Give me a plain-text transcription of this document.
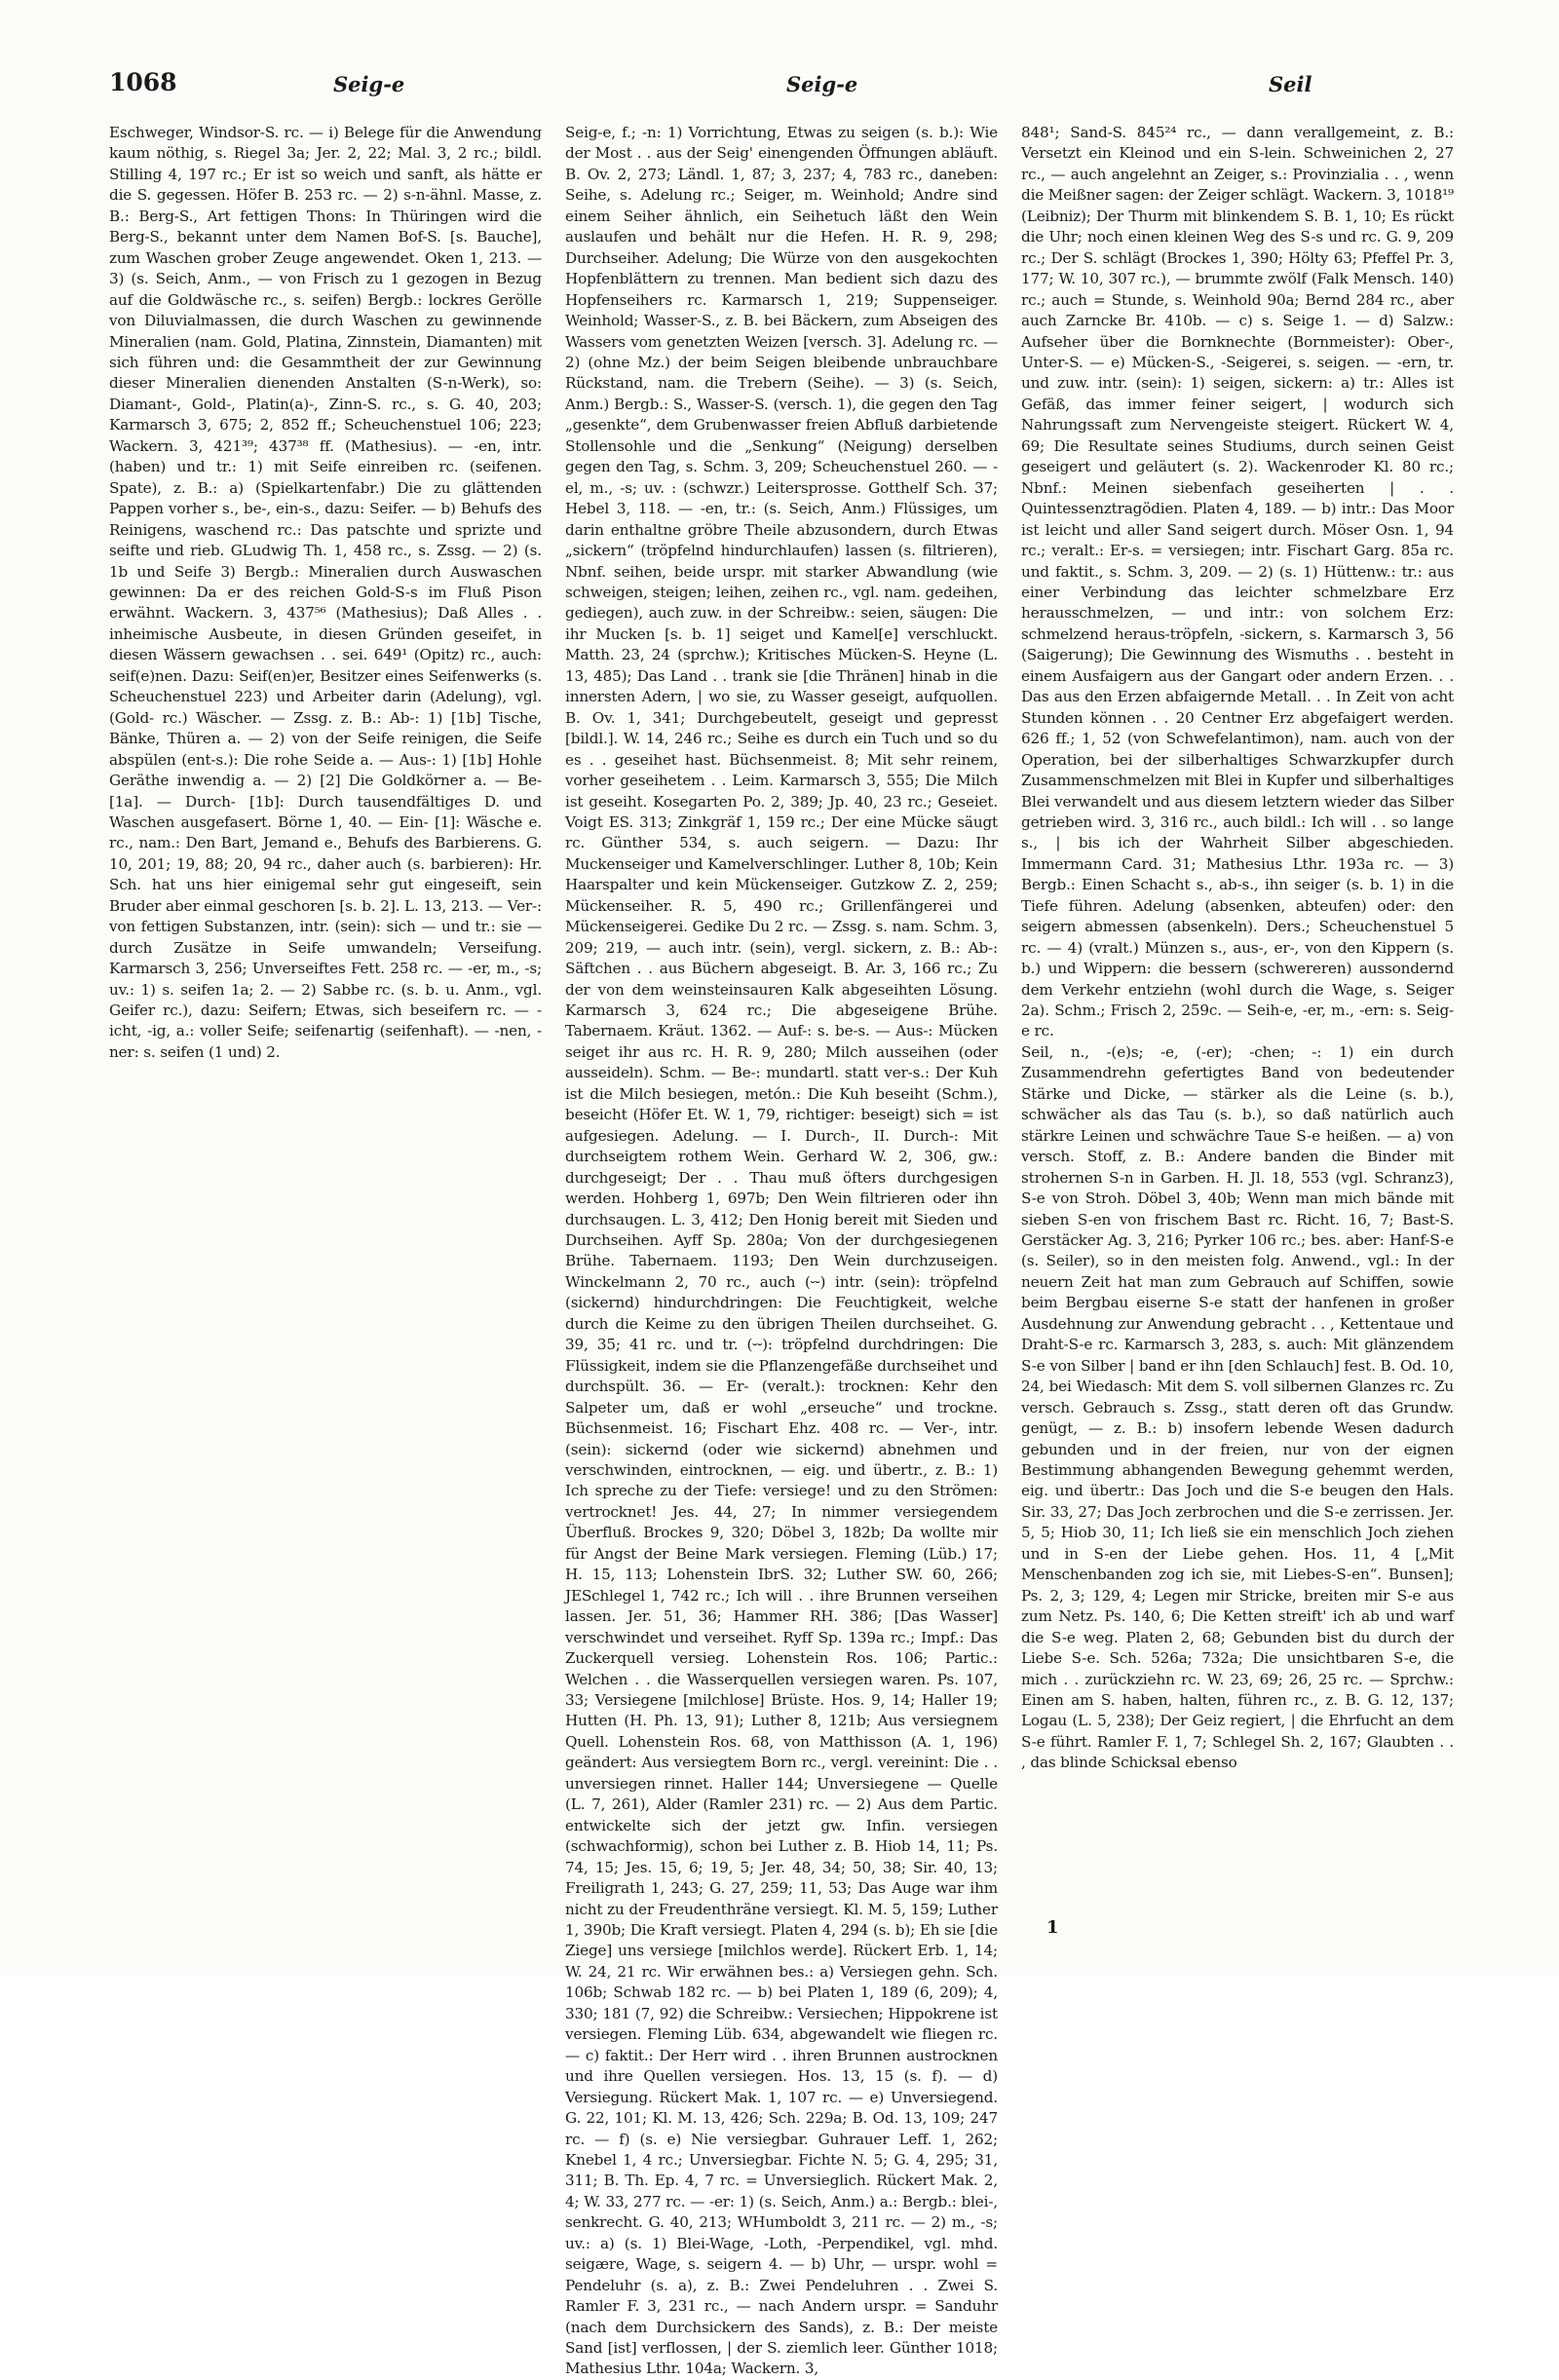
1068	Seig-e	Seig-e	Seil

Eschweger, Windsor-S. rc. — i) Belege für die Anwendung kaum nöthig, s. Riegel 3a; Jer. 2, 22; Mal. 3, 2 rc.; bildl. Stilling 4, 197 rc.; Er ist so weich und sanft, als hätte er die S. gegessen. Höfer B. 253 rc. — 2) s-n-ähnl. Masse, z. B.: Berg-S., Art fettigen Thons: In Thüringen wird die Berg-S., bekannt unter dem Namen Bof-S. [s. Bauche], zum Waschen grober Zeuge angewendet. Oken 1, 213. — 3) (s. Seich, Anm., — von Frisch zu 1 gezogen in Bezug auf die Goldwäsche rc., s. seifen) Bergb.: lockres Gerölle von Diluvialmassen, die durch Waschen zu gewinnende Mineralien (nam. Gold, Platina, Zinnstein, Diamanten) mit sich führen und: die Gesammtheit der zur Gewinnung dieser Mineralien dienenden Anstalten (S-n-Werk), so: Diamant-, Gold-, Platin(a)-, Zinn-S. rc., s. G. 40, 203; Karmarsch 3, 675; 2, 852 ff.; Scheuchenstuel 106; 223; Wackern. 3, 421³⁹; 437³⁸ ff. (Mathesius). — -en, intr. (haben) und tr.: 1) mit Seife einreiben rc. (seifenen. Spate), z. B.: a) (Spielkartenfabr.) Die zu glättenden Pappen vorher s., be-, ein-s., dazu: Seifer. — b) Behufs des Reinigens, waschend rc.: Das patschte und sprizte und seifte und rieb. GLudwig Th. 1, 458 rc., s. Zssg. — 2) (s. 1b und Seife 3) Bergb.: Mineralien durch Auswaschen gewinnen: Da er des reichen Gold-S-s im Fluß Pison erwähnt. Wackern. 3, 437⁵⁶ (Mathesius); Daß Alles . . inheimische Ausbeute, in diesen Gründen geseifet, in diesen Wässern gewachsen . . sei. 649¹ (Opitz) rc., auch: seif(e)nen. Dazu: Seif(en)er, Besitzer eines Seifenwerks (s. Scheuchenstuel 223) und Arbeiter darin (Adelung), vgl. (Gold- rc.) Wäscher. — Zssg. z. B.: Ab-: 1) [1b] Tische, Bänke, Thüren a. — 2) von der Seife reinigen, die Seife abspülen (ent-s.): Die rohe Seide a. — Aus-: 1) [1b] Hohle Geräthe inwendig a. — 2) [2] Die Goldkörner a. — Be- [1a]. — Durch- [1b]: Durch tausendfältiges D. und Waschen ausgefasert. Börne 1, 40. — Ein- [1]: Wäsche e. rc., nam.: Den Bart, Jemand e., Behufs des Barbierens. G. 10, 201; 19, 88; 20, 94 rc., daher auch (s. barbieren): Hr. Sch. hat uns hier einigemal sehr gut eingeseift, sein Bruder aber einmal geschoren [s. b. 2]. L. 13, 213. — Ver-: von fettigen Substanzen, intr. (sein): sich — und tr.: sie — durch Zusätze in Seife umwandeln; Verseifung. Karmarsch 3, 256; Unverseiftes Fett. 258 rc. — -er, m., -s; uv.: 1) s. seifen 1a; 2. — 2) Sabbe rc. (s. b. u. Anm., vgl. Geifer rc.), dazu: Seifern; Etwas, sich beseifern rc. — -icht, -ig, a.: voller Seife; seifenartig (seifenhaft). — -nen, -ner: s. seifen (1 und) 2.

Seig-e, f.; -n: 1) Vorrichtung, Etwas zu seigen (s. b.): Wie der Most . . aus der Seig' einengenden Öffnungen abläuft. B. Ov. 2, 273; Ländl. 1, 87; 3, 237; 4, 783 rc., daneben: Seihe, s. Adelung rc.; Seiger, m. Weinhold; Andre sind einem Seiher ähnlich, ein Seihetuch läßt den Wein auslaufen und behält nur die Hefen. H. R. 9, 298; Durchseiher. Adelung; Die Würze von den ausgekochten Hopfenblättern zu trennen. Man bedient sich dazu des Hopfenseihers rc. Karmarsch 1, 219; Suppenseiger. Weinhold; Wasser-S., z. B. bei Bäckern, zum Abseigen des Wassers vom genetzten Weizen [versch. 3]. Adelung rc. — 2) (ohne Mz.) der beim Seigen bleibende unbrauchbare Rückstand, nam. die Trebern (Seihe). — 3) (s. Seich, Anm.) Bergb.: S., Wasser-S. (versch. 1), die gegen den Tag „gesenkte“, dem Grubenwasser freien Abfluß darbietende Stollensohle und die „Senkung“ (Neigung) derselben gegen den Tag, s. Schm. 3, 209; Scheuchenstuel 260. — -el, m., -s; uv. : (schwzr.) Leitersprosse. Gotthelf Sch. 37; Hebel 3, 118. — -en, tr.: (s. Seich, Anm.) Flüssiges, um darin enthaltne gröbre Theile abzusondern, durch Etwas „sickern“ (tröpfelnd hindurchlaufen) lassen (s. filtrieren), Nbnf. seihen, beide urspr. mit starker Abwandlung (wie schweigen, steigen; leihen, zeihen rc., vgl. nam. gedeihen, gediegen), auch zuw. in der Schreibw.: seien, säugen: Die ihr Mucken [s. b. 1] seiget und Kamel[e] verschluckt. Matth. 23, 24 (sprchw.); Kritisches Mücken-S. Heyne (L. 13, 485); Das Land . . trank sie [die Thränen] hinab in die innersten Adern, | wo sie, zu Wasser geseigt, aufquollen. B. Ov. 1, 341; Durchgebeutelt, geseigt und gepresst [bildl.]. W. 14, 246 rc.; Seihe es durch ein Tuch und so du es . . geseihet hast. Büchsenmeist. 8; Mit sehr reinem, vorher geseihetem . . Leim. Karmarsch 3, 555; Die Milch ist geseiht. Kosegarten Po. 2, 389; Jp. 40, 23 rc.; Geseiet. Voigt ES. 313; Zinkgräf 1, 159 rc.; Der eine Mücke säugt rc. Günther 534, s. auch seigern. — Dazu: Ihr Muckenseiger und Kamelverschlinger. Luther 8, 10b; Kein Haarspalter und kein Mückenseiger. Gutzkow Z. 2, 259; Mückenseiher. R. 5, 490 rc.; Grillenfängerei und Mückenseigerei. Gedike Du 2 rc. — Zssg. s. nam. Schm. 3, 209; 219, — auch intr. (sein), vergl. sickern, z. B.: Ab-: Säftchen . . aus Büchern abgeseigt. B. Ar. 3, 166 rc.; Zu der von dem weinsteinsauren Kalk abgeseihten Lösung. Karmarsch 3, 624 rc.; Die abgeseigene Brühe. Tabernaem. Kräut. 1362. — Auf-: s. be-s. — Aus-: Mücken seiget ihr aus rc. H. R. 9, 280; Milch ausseihen (oder ausseideln). Schm. — Be-: mundartl. statt ver-s.: Der Kuh ist die Milch besiegen, metón.: Die Kuh beseiht (Schm.), beseicht (Höfer Et. W. 1, 79, richtiger: beseigt) sich = ist aufgesiegen. Adelung. — I. Durch-, II. Durch-: Mit durchseigtem rothem Wein. Gerhard W. 2, 306, gw.: durchgeseigt; Der . . Thau muß öfters durchgesigen werden. Hohberg 1, 697b; Den Wein filtrieren oder ihn durchsaugen. L. 3, 412; Den Honig bereit mit Sieden und Durchseihen. Ayff Sp. 280a; Von der durchgesiegenen Brühe. Tabernaem. 1193; Den Wein durchzuseigen. Winckelmann 2, 70 rc., auch (⏑⏑) intr. (sein): tröpfelnd (sickernd) hindurchdringen: Die Feuchtigkeit, welche durch die Keime zu den übrigen Theilen durchseihet. G. 39, 35; 41 rc. und tr. (⏑⏑): tröpfelnd durchdringen: Die Flüssigkeit, indem sie die Pflanzengefäße durchseihet und durchspült. 36. — Er- (veralt.): trocknen: Kehr den Salpeter um, daß er wohl „erseuche“ und trockne. Büchsenmeist. 16; Fischart Ehz. 408 rc. — Ver-, intr. (sein): sickernd (oder wie sickernd) abnehmen und verschwinden, eintrocknen, — eig. und übertr., z. B.: 1) Ich spreche zu der Tiefe: versiege! und zu den Strömen: vertrocknet! Jes. 44, 27; In nimmer versiegendem Überfluß. Brockes 9, 320; Döbel 3, 182b; Da wollte mir für Angst der Beine Mark versiegen. Fleming (Lüb.) 17; H. 15, 113; Lohenstein IbrS. 32; Luther SW. 60, 266; JESchlegel 1, 742 rc.; Ich will . . ihre Brunnen verseihen lassen. Jer. 51, 36; Hammer RH. 386; [Das Wasser] verschwindet und verseihet. Ryff Sp. 139a rc.; Impf.: Das Zuckerquell versieg. Lohenstein Ros. 106; Partic.: Welchen . . die Wasserquellen versiegen waren. Ps. 107, 33; Versiegene [milchlose] Brüste. Hos. 9, 14; Haller 19; Hutten (H. Ph. 13, 91); Luther 8, 121b; Aus versiegnem Quell. Lohenstein Ros. 68, von Matthisson (A. 1, 196) geändert: Aus versiegtem Born rc., vergl. vereinint: Die . . unversiegen rinnet. Haller 144; Unversiegene — Quelle (L. 7, 261), Alder (Ramler 231) rc. — 2) Aus dem Partic. entwickelte sich der jetzt gw. Infin. versiegen (schwachformig), schon bei Luther z. B. Hiob 14, 11; Ps. 74, 15; Jes. 15, 6; 19, 5; Jer. 48, 34; 50, 38; Sir. 40, 13; Freiligrath 1, 243; G. 27, 259; 11, 53; Das Auge war ihm nicht zu der Freudenthräne versiegt. Kl. M. 5, 159; Luther 1, 390b; Die Kraft versiegt. Platen 4, 294 (s. b); Eh sie [die Ziege] uns versiege [milchlos werde]. Rückert Erb. 1, 14; W. 24, 21 rc. Wir erwähnen bes.: a) Versiegen gehn. Sch. 106b; Schwab 182 rc. — b) bei Platen 1, 189 (6, 209); 4, 330; 181 (7, 92) die Schreibw.: Versiechen; Hippokrene ist versiegen. Fleming Lüb. 634, abgewandelt wie fliegen rc. — c) faktit.: Der Herr wird . . ihren Brunnen austrocknen und ihre Quellen versiegen. Hos. 13, 15 (s. f). — d) Versiegung. Rückert Mak. 1, 107 rc. — e) Unversiegend. G. 22, 101; Kl. M. 13, 426; Sch. 229a; B. Od. 13, 109; 247 rc. — f) (s. e) Nie versiegbar. Guhrauer Leff. 1, 262; Knebel 1, 4 rc.; Unversiegbar. Fichte N. 5; G. 4, 295; 31, 311; B. Th. Ep. 4, 7 rc. = Unversieglich. Rückert Mak. 2, 4; W. 33, 277 rc. — -er: 1) (s. Seich, Anm.) a.: Bergb.: blei-, senkrecht. G. 40, 213; WHumboldt 3, 211 rc. — 2) m., -s; uv.: a) (s. 1) Blei-Wage, -Loth, -Perpendikel, vgl. mhd. seigære, Wage, s. seigern 4. — b) Uhr, — urspr. wohl = Pendeluhr (s. a), z. B.: Zwei Pendeluhren . . Zwei S. Ramler F. 3, 231 rc., — nach Andern urspr. = Sanduhr (nach dem Durchsickern des Sands), z. B.: Der meiste Sand [ist] verflossen, | der S. ziemlich leer. Günther 1018; Mathesius Lthr. 104a; Wackern. 3,

848¹; Sand-S. 845²⁴ rc., — dann verallgemeint, z. B.: Versetzt ein Kleinod und ein S-lein. Schweinichen 2, 27 rc., — auch angelehnt an Zeiger, s.: Provinzialia . . , wenn die Meißner sagen: der Zeiger schlägt. Wackern. 3, 1018¹⁹ (Leibniz); Der Thurm mit blinkendem S. B. 1, 10; Es rückt die Uhr; noch einen kleinen Weg des S-s und rc. G. 9, 209 rc.; Der S. schlägt (Brockes 1, 390; Hölty 63; Pfeffel Pr. 3, 177; W. 10, 307 rc.), — brummte zwölf (Falk Mensch. 140) rc.; auch = Stunde, s. Weinhold 90a; Bernd 284 rc., aber auch Zarncke Br. 410b. — c) s. Seige 1. — d) Salzw.: Aufseher über die Bornknechte (Bornmeister): Ober-, Unter-S. — e) Mücken-S., -Seigerei, s. seigen. — -ern, tr. und zuw. intr. (sein): 1) seigen, sickern: a) tr.: Alles ist Gefäß, das immer feiner seigert, | wodurch sich Nahrungssaft zum Nervengeiste steigert. Rückert W. 4, 69; Die Resultate seines Studiums, durch seinen Geist geseigert und geläutert (s. 2). Wackenroder Kl. 80 rc.; Nbnf.: Meinen siebenfach geseiherten | . . Quintessenztragödien. Platen 4, 189. — b) intr.: Das Moor ist leicht und aller Sand seigert durch. Möser Osn. 1, 94 rc.; veralt.: Er-s. = versiegen; intr. Fischart Garg. 85a rc. und faktit., s. Schm. 3, 209. — 2) (s. 1) Hüttenw.: tr.: aus einer Verbindung das leichter schmelzbare Erz herausschmelzen, — und intr.: von solchem Erz: schmelzend heraus-tröpfeln, -sickern, s. Karmarsch 3, 56 (Saigerung); Die Gewinnung des Wismuths . . besteht in einem Ausfaigern aus der Gangart oder andern Erzen. . . Das aus den Erzen abfaigernde Metall. . . In Zeit von acht Stunden können . . 20 Centner Erz abgefaigert werden. 626 ff.; 1, 52 (von Schwefelantimon), nam. auch von der Operation, bei der silberhaltiges Schwarzkupfer durch Zusammenschmelzen mit Blei in Kupfer und silberhaltiges Blei verwandelt und aus diesem letztern wieder das Silber getrieben wird. 3, 316 rc., auch bildl.: Ich will . . so lange s., | bis ich der Wahrheit Silber abgeschieden. Immermann Card. 31; Mathesius Lthr. 193a rc. — 3) Bergb.: Einen Schacht s., ab-s., ihn seiger (s. b. 1) in die Tiefe führen. Adelung (absenken, abteufen) oder: den seigern abmessen (absenkeln). Ders.; Scheuchenstuel 5 rc. — 4) (vralt.) Münzen s., aus-, er-, von den Kippern (s. b.) und Wippern: die bessern (schwereren) aussondernd dem Verkehr entziehn (wohl durch die Wage, s. Seiger 2a). Schm.; Frisch 2, 259c. — Seih-e, -er, m., -ern: s. Seig-e rc.

Seil, n., -(e)s; -e, (-er); -chen; -: 1) ein durch Zusammendrehn gefertigtes Band von bedeutender Stärke und Dicke, — stärker als die Leine (s. b.), schwächer als das Tau (s. b.), so daß natürlich auch stärkre Leinen und schwächre Taue S-e heißen. — a) von versch. Stoff, z. B.: Andere banden die Binder mit strohernen S-n in Garben. H. Jl. 18, 553 (vgl. Schranz3), S-e von Stroh. Döbel 3, 40b; Wenn man mich bände mit sieben S-en von frischem Bast rc. Richt. 16, 7; Bast-S. Gerstäcker Ag. 3, 216; Pyrker 106 rc.; bes. aber: Hanf-S-e (s. Seiler), so in den meisten folg. Anwend., vgl.: In der neuern Zeit hat man zum Gebrauch auf Schiffen, sowie beim Bergbau eiserne S-e statt der hanfenen in großer Ausdehnung zur Anwendung gebracht . . , Kettentaue und Draht-S-e rc. Karmarsch 3, 283, s. auch: Mit glänzendem S-e von Silber | band er ihn [den Schlauch] fest. B. Od. 10, 24, bei Wiedasch: Mit dem S. voll silbernen Glanzes rc. Zu versch. Gebrauch s. Zssg., statt deren oft das Grundw. genügt, — z. B.: b) insofern lebende Wesen dadurch gebunden und in der freien, nur von der eignen Bestimmung abhangenden Bewegung gehemmt werden, eig. und übertr.: Das Joch und die S-e beugen den Hals. Sir. 33, 27; Das Joch zerbrochen und die S-e zerrissen. Jer. 5, 5; Hiob 30, 11; Ich ließ sie ein menschlich Joch ziehen und in S-en der Liebe gehen. Hos. 11, 4 [„Mit Menschenbanden zog ich sie, mit Liebes-S-en“. Bunsen]; Ps. 2, 3; 129, 4; Legen mir Stricke, breiten mir S-e aus zum Netz. Ps. 140, 6; Die Ketten streift' ich ab und warf die S-e weg. Platen 2, 68; Gebunden bist du durch der Liebe S-e. Sch. 526a; 732a; Die unsichtbaren S-e, die mich . . zurückziehn rc. W. 23, 69; 26, 25 rc. — Sprchw.: Einen am S. haben, halten, führen rc., z. B. G. 12, 137; Logau (L. 5, 238); Der Geiz regiert, | die Ehrfucht an dem S-e führt. Ramler F. 1, 7; Schlegel Sh. 2, 167; Glaubten . . , das blinde Schicksal ebenso

1
